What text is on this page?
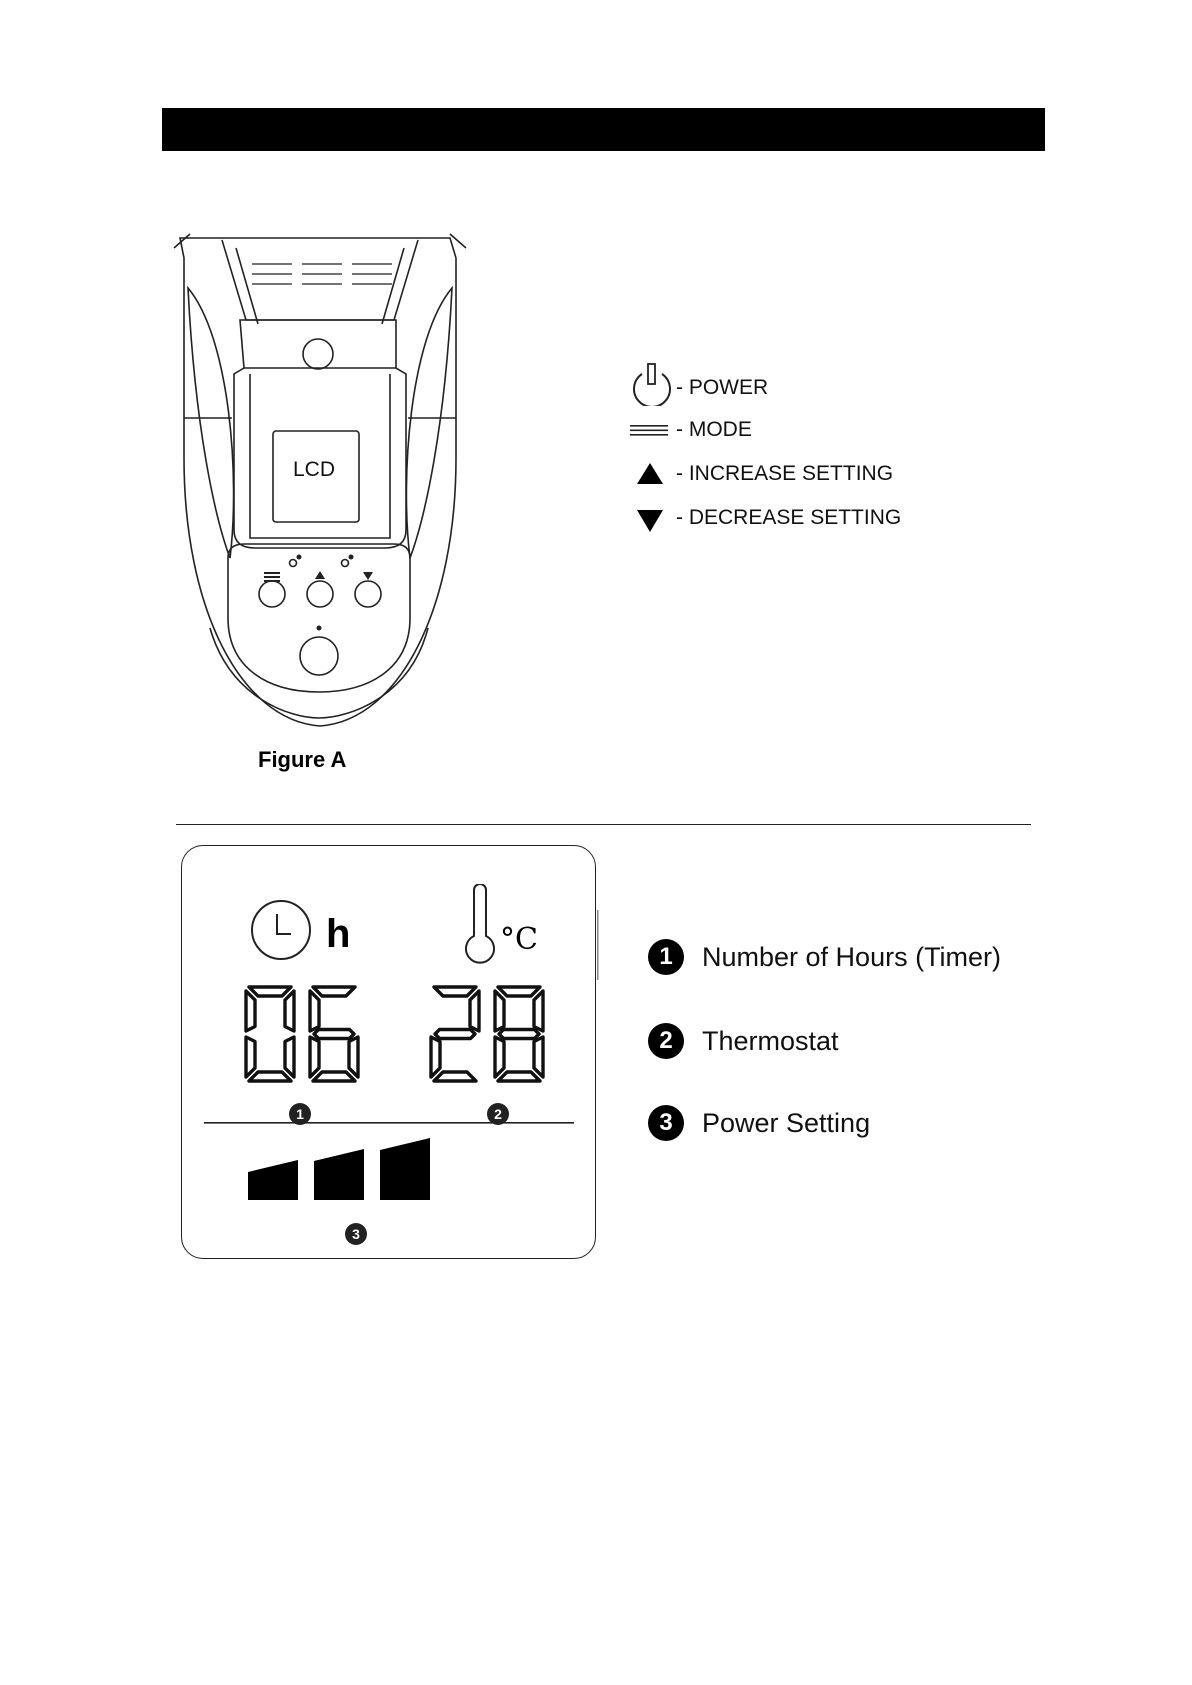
LCD
Figure A
- POWER
- MODE
- INCREASE SETTING
- DECREASE SETTING
h	°C
1	2
3
1	Number of Hours (Timer)
2	Thermostat
3	Power Setting
